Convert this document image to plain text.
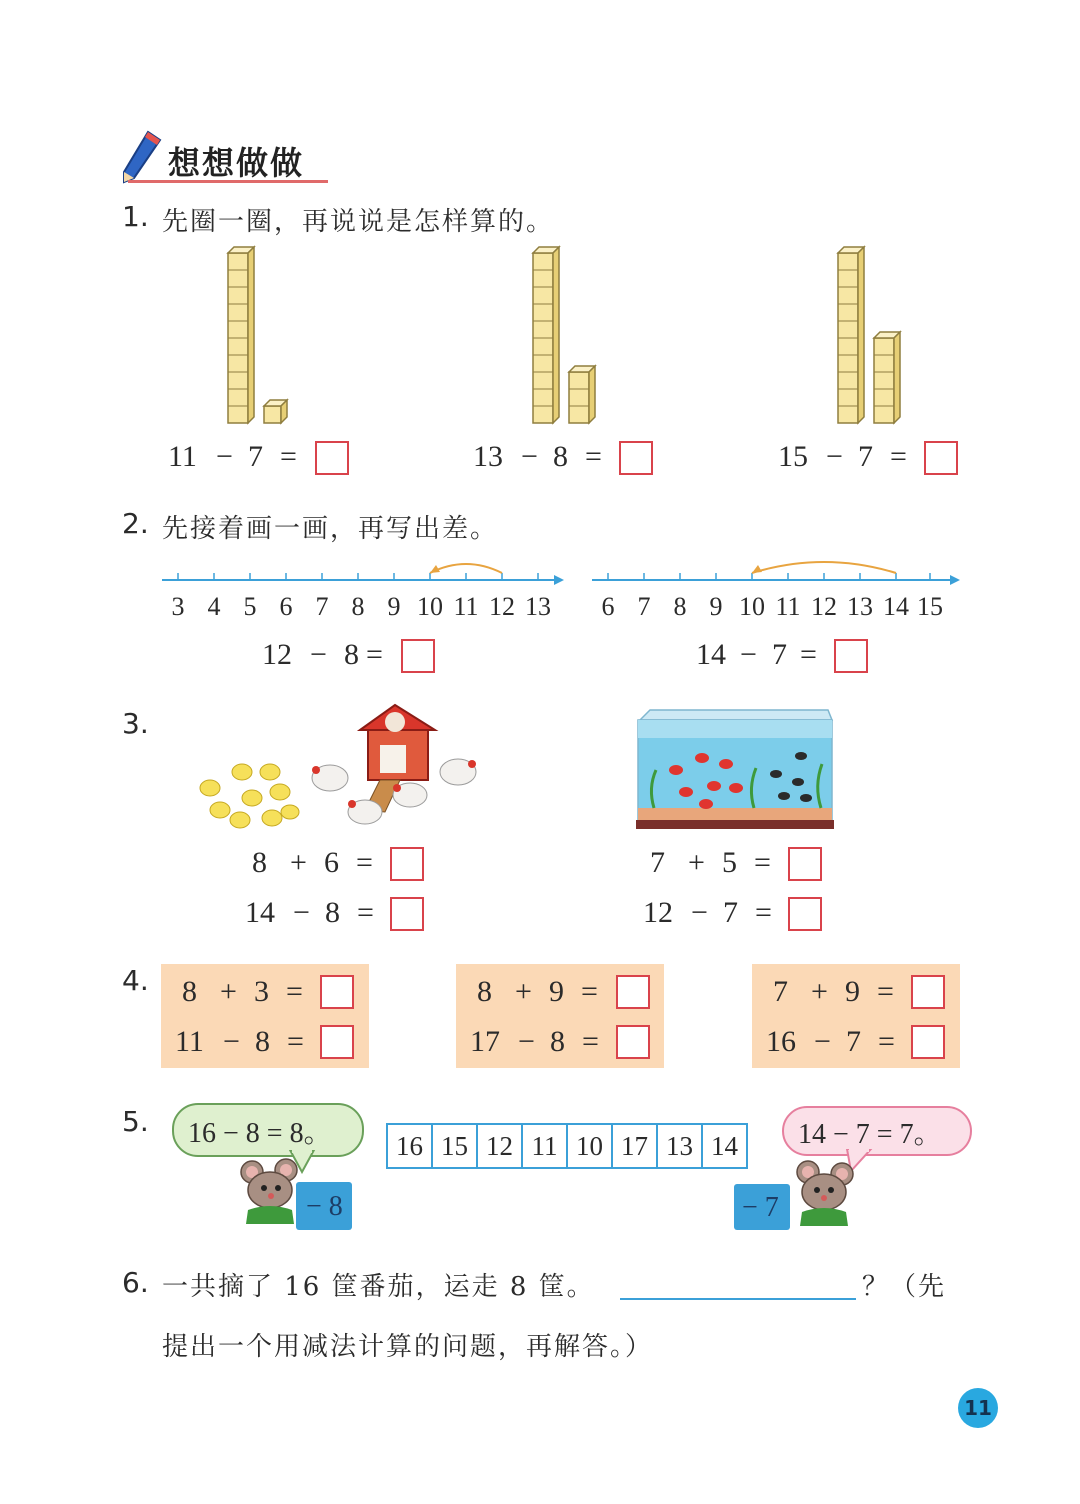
想想做做
1. 先圈一圈，再说说是怎样算的。
11 − 7 =	13 − 8 =	15 − 7 =
2. 先接着画一画，再写出差。
3 4 5 6 7 8 9 10 11 12 13 6 7 8 9 10 11 12 13 14 15
12 − 8 =	14 − 7 =
3.
8 + 6 =
14 − 8 =
7 + 5 =
12 − 7 =
4. 8 + 3 =
11 − 8 =
8 + 9 =
17 − 8 =
7 + 9 =
16 − 7 =
5. 16 − 8 = 8。
− 8
16 15 12 11 10 17 13 14 14 − 7 = 7。
− 7
6. 一共摘了 16 筐番茄，运走 8 筐。	？（先
提出一个用减法计算的问题，再解答。）
11
